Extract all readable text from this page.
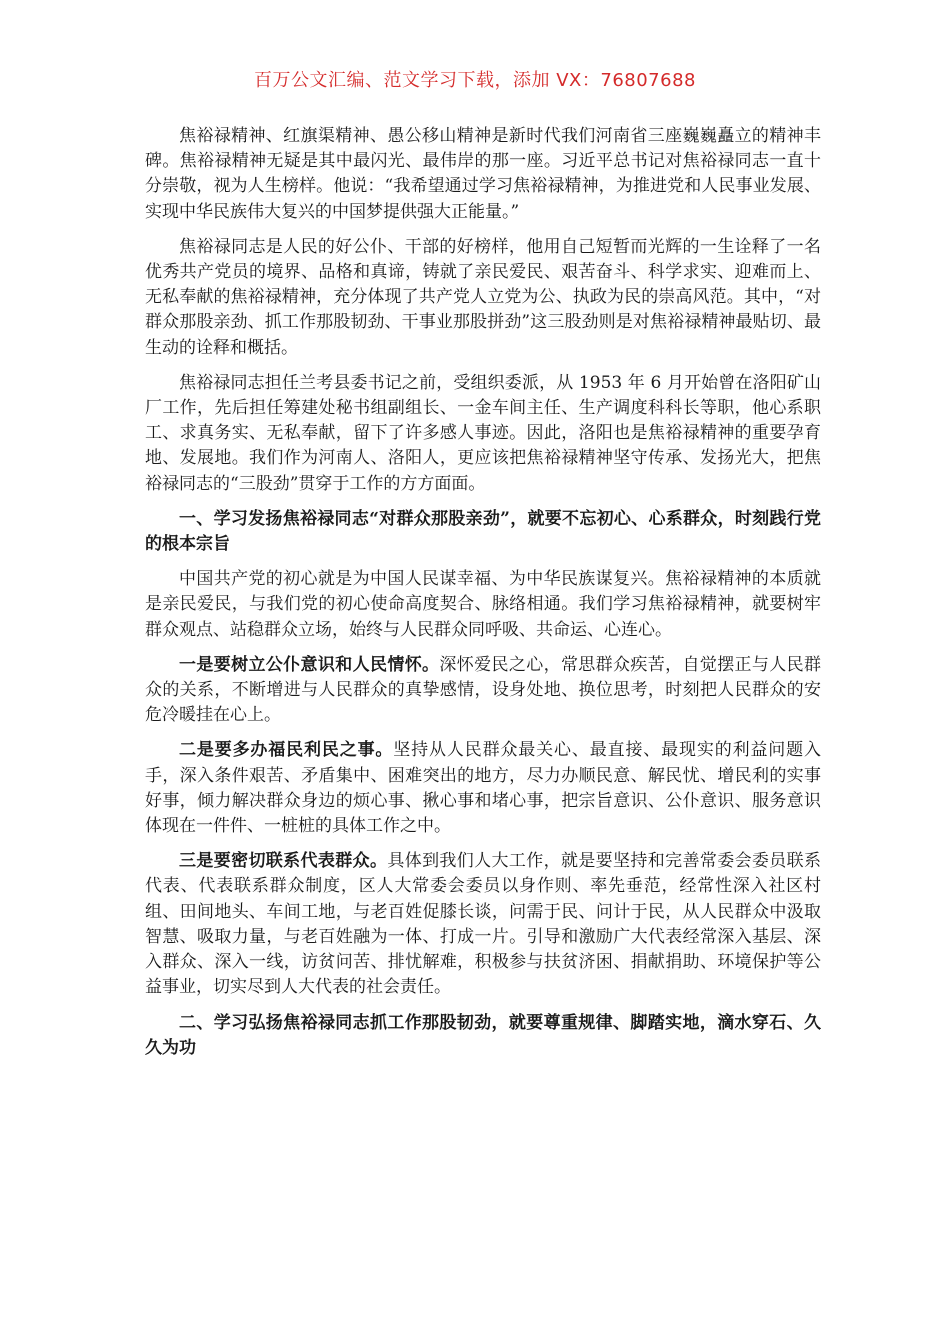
百万公文汇编、范文学习下载，添加 VX：76807688

焦裕禄精神、红旗渠精神、愚公移山精神是新时代我们河南省三座巍巍矗立的精神丰碑。焦裕禄精神无疑是其中最闪光、最伟岸的那一座。习近平总书记对焦裕禄同志一直十分崇敬，视为人生榜样。他说：“我希望通过学习焦裕禄精神，为推进党和人民事业发展、实现中华民族伟大复兴的中国梦提供强大正能量。”

焦裕禄同志是人民的好公仆、干部的好榜样，他用自己短暂而光辉的一生诠释了一名优秀共产党员的境界、品格和真谛，铸就了亲民爱民、艰苦奋斗、科学求实、迎难而上、无私奉献的焦裕禄精神，充分体现了共产党人立党为公、执政为民的崇高风范。其中，“对群众那股亲劲、抓工作那股韧劲、干事业那股拼劲”这三股劲则是对焦裕禄精神最贴切、最生动的诠释和概括。

焦裕禄同志担任兰考县委书记之前，受组织委派，从 1953 年 6 月开始曾在洛阳矿山厂工作，先后担任筹建处秘书组副组长、一金车间主任、生产调度科科长等职，他心系职工、求真务实、无私奉献，留下了许多感人事迹。因此，洛阳也是焦裕禄精神的重要孕育地、发展地。我们作为河南人、洛阳人，更应该把焦裕禄精神坚守传承、发扬光大，把焦裕禄同志的“三股劲”贯穿于工作的方方面面。

一、学习发扬焦裕禄同志“对群众那股亲劲”，就要不忘初心、心系群众，时刻践行党的根本宗旨

中国共产党的初心就是为中国人民谋幸福、为中华民族谋复兴。焦裕禄精神的本质就是亲民爱民，与我们党的初心使命高度契合、脉络相通。我们学习焦裕禄精神，就要树牢群众观点、站稳群众立场，始终与人民群众同呼吸、共命运、心连心。

一是要树立公仆意识和人民情怀。深怀爱民之心，常思群众疾苦，自觉摆正与人民群众的关系，不断增进与人民群众的真挚感情，设身处地、换位思考，时刻把人民群众的安危冷暖挂在心上。

二是要多办福民利民之事。坚持从人民群众最关心、最直接、最现实的利益问题入手，深入条件艰苦、矛盾集中、困难突出的地方，尽力办顺民意、解民忧、增民利的实事好事，倾力解决群众身边的烦心事、揪心事和堵心事，把宗旨意识、公仆意识、服务意识体现在一件件、一桩桩的具体工作之中。

三是要密切联系代表群众。具体到我们人大工作，就是要坚持和完善常委会委员联系代表、代表联系群众制度，区人大常委会委员以身作则、率先垂范，经常性深入社区村组、田间地头、车间工地，与老百姓促膝长谈，问需于民、问计于民，从人民群众中汲取智慧、吸取力量，与老百姓融为一体、打成一片。引导和激励广大代表经常深入基层、深入群众、深入一线，访贫问苦、排忧解难，积极参与扶贫济困、捐献捐助、环境保护等公益事业，切实尽到人大代表的社会责任。

二、学习弘扬焦裕禄同志抓工作那股韧劲，就要尊重规律、脚踏实地，滴水穿石、久久为功
